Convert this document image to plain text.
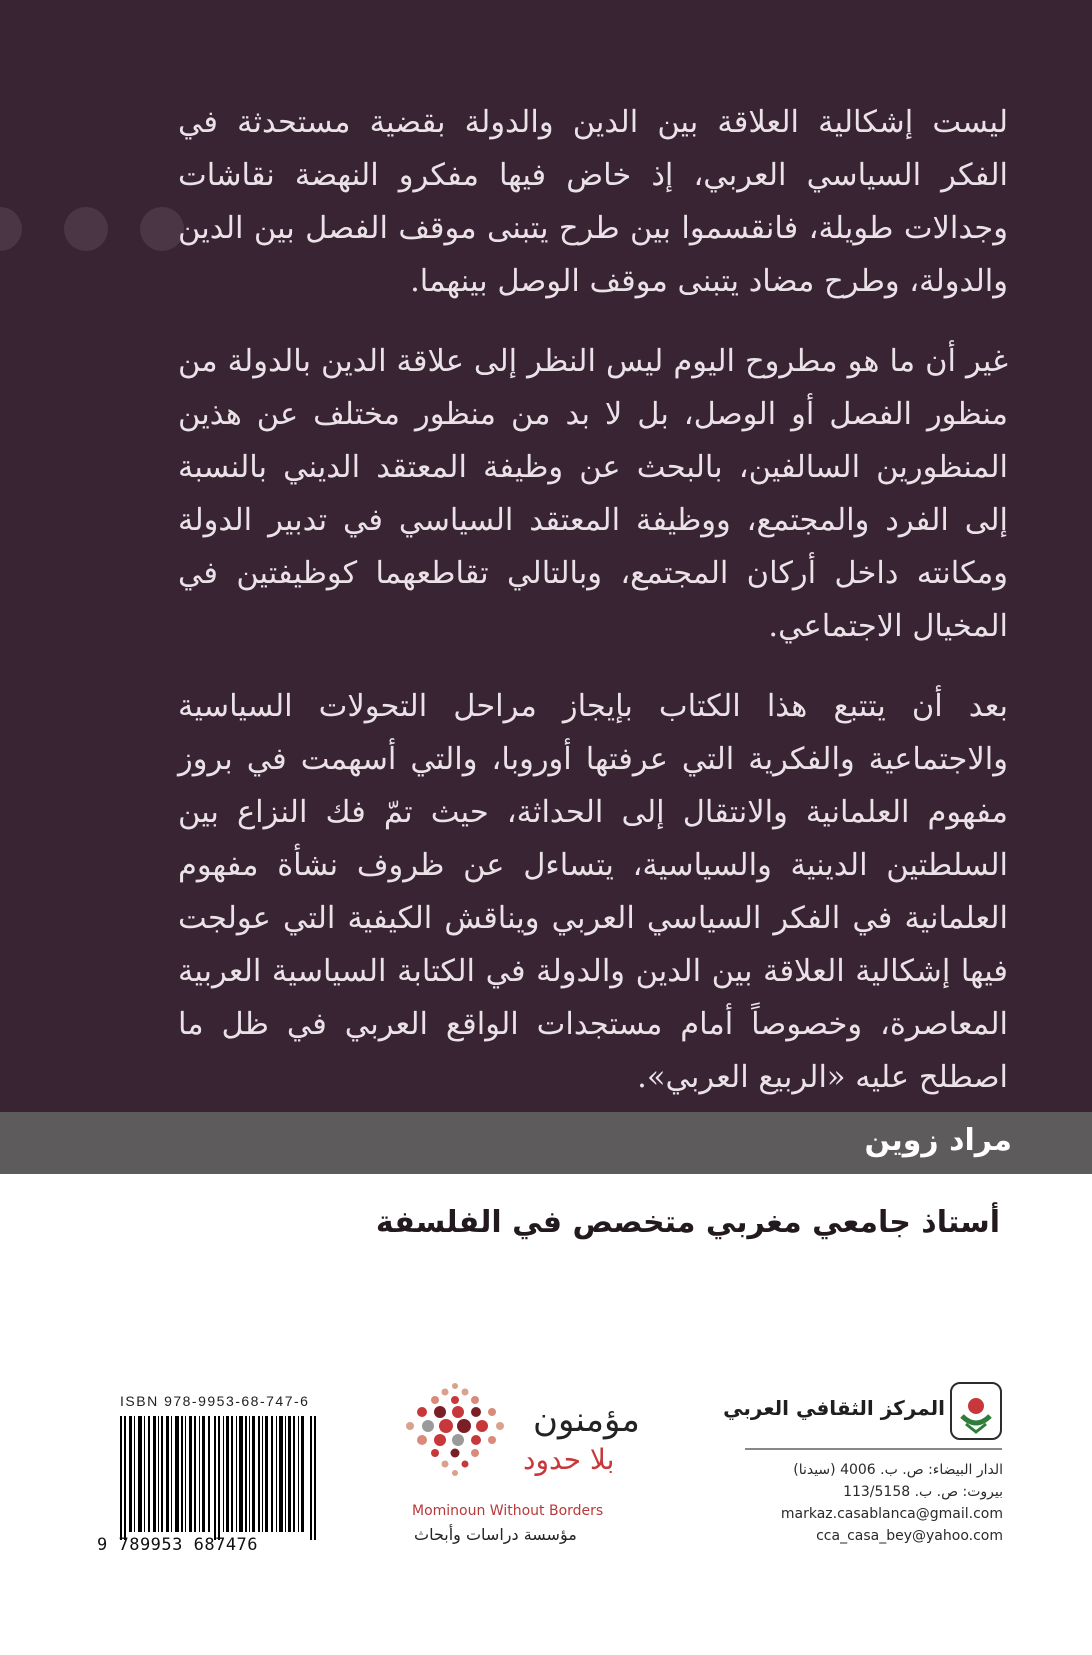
ليست إشكالية العلاقة بين الدين والدولة بقضية مستحدثة في الفكر السياسي العربي، إذ خاض فيها مفكرو النهضة نقاشات وجدالات طويلة، فانقسموا بين طرح يتبنى موقف الفصل بين الدين والدولة، وطرح مضاد يتبنى موقف الوصل بينهما.

غير أن ما هو مطروح اليوم ليس النظر إلى علاقة الدين بالدولة من منظور الفصل أو الوصل، بل لا بد من منظور مختلف عن هذين المنظورين السالفين، بالبحث عن وظيفة المعتقد الديني بالنسبة إلى الفرد والمجتمع، ووظيفة المعتقد السياسي في تدبير الدولة ومكانته داخل أركان المجتمع، وبالتالي تقاطعهما كوظيفتين في المخيال الاجتماعي.

بعد أن يتتبع هذا الكتاب بإيجاز مراحل التحولات السياسية والاجتماعية والفكرية التي عرفتها أوروبا، والتي أسهمت في بروز مفهوم العلمانية والانتقال إلى الحداثة، حيث تمّ فك النزاع بين السلطتين الدينية والسياسية، يتساءل عن ظروف نشأة مفهوم العلمانية في الفكر السياسي العربي ويناقش الكيفية التي عولجت فيها إشكالية العلاقة بين الدين والدولة في الكتابة السياسية العربية المعاصرة، وخصوصاً أمام مستجدات الواقع العربي في ظل ما اصطلح عليه «الربيع العربي».

مراد زوين
أستاذ جامعي مغربي متخصص في الفلسفة
المركز الثقافي العربي
الدار البيضاء: ص. ب. 4006 (سيدنا)
بيروت: ص. ب. 113/5158
markaz.casablanca@gmail.com
cca_casa_bey@yahoo.com
مؤمنون
بلا حدود
Mominoun Without Borders
مؤسسة دراسات وأبحاث
ISBN 978-9953-68-747-6
9 789953 687476
